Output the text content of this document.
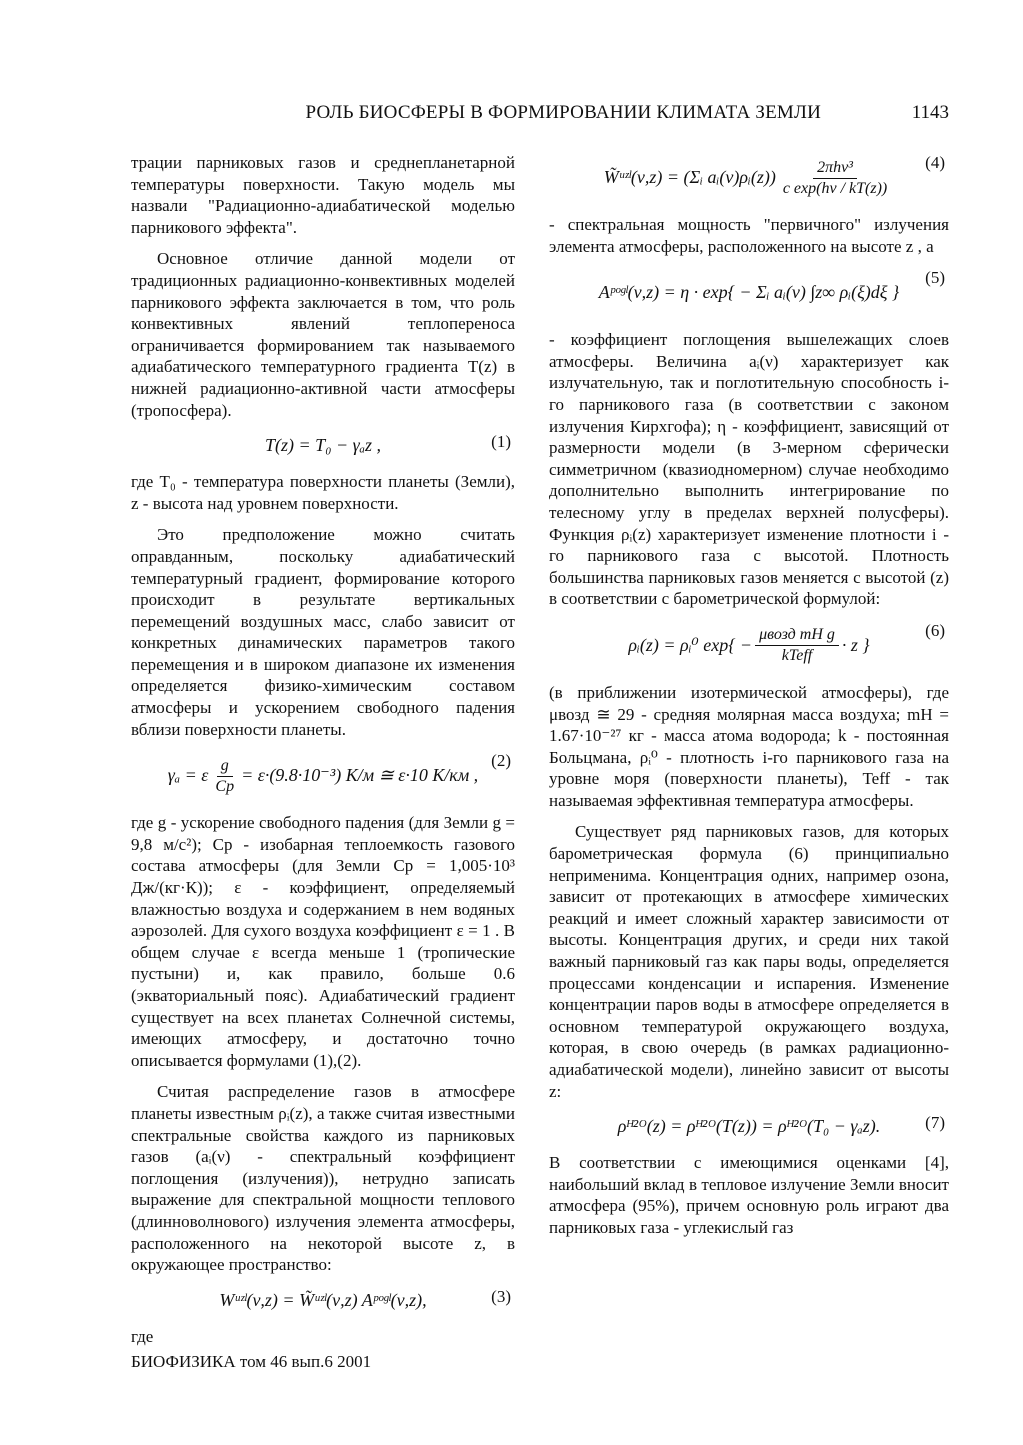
РОЛЬ БИОСФЕРЫ В ФОРМИРОВАНИИ КЛИМАТА ЗЕМЛИ	1143

трации парниковых газов и среднепланетарной температуры поверхности. Такую модель мы назвали "Радиационно-адиабатической моделью парникового эффекта".

Основное отличие данной модели от традиционных радиационно-конвективных моделей парникового эффекта заключается в том, что роль конвективных явлений теплопереноса ограничивается формированием так называемого адиабатического температурного градиента T(z) в нижней радиационно-активной части атмосферы (тропосфера).

T(z) = T₀ − γₐz ,	(1)

где T₀ - температура поверхности планеты (Земли), z - высота над уровнем поверхности.

Это предположение можно считать оправданным, поскольку адиабатический температурный градиент, формирование которого происходит в результате вертикальных перемещений воздушных масс, слабо зависит от конкретных динамических параметров такого перемещения и в широком диапазоне их изменения определяется физико-химическим составом атмосферы и ускорением свободного падения вблизи поверхности планеты.

γₐ = ε $\frac{g}{Cp} = \varepsilon\cdot(9.8\cdot 10^{-3})$ К/м ≅ ε·10 К/км ,
(2)

где g - ускорение свободного падения (для Земли g = 9,8 м/с²); Cp - изобарная теплоемкость газового состава атмосферы (для Земли Cp = 1,005·10³ Дж/(кг·К)); ε - коэффициент, определяемый влажностью воздуха и содержанием в нем водяных аэрозолей. Для сухого воздуха коэффициент ε = 1 . В общем случае ε всегда меньше 1 (тропические пустыни) и, как правило, больше 0.6 (экваториальный пояс). Адиабатический градиент существует на всех планетах Солнечной системы, имеющих атмосферу, и достаточно точно описывается формулами (1),(2).

Считая распределение газов в атмосфере планеты известным ρᵢ(z), а также считая известными спектральные свойства каждого из парниковых газов (aᵢ(ν) - спектральный коэффициент поглощения (излучения)), нетрудно записать выражение для спектральной мощности теплового (длинноволнового) излучения элемента атмосферы, расположенного на некоторой высоте z, в окружающее пространство:

Wᵘᶻˡ(ν,z) = W̃ᵘᶻˡ(ν,z) Aᵖᵒᵍˡ(ν,z),	(3)

где

W̃ᵘᶻˡ(ν,z) = (Σᵢ aᵢ(ν)ρᵢ(z)) $\frac{\text{2πhν³}}{\text{c exp(hν / kT(z))}} (4)$

- спектральная мощность "первичного" излучения элемента атмосферы, расположенного на высоте z , а

Aᵖᵒᵍˡ(ν,z) = η · exp{ − Σᵢ aᵢ(ν) ∫z∞ ρᵢ(ξ)dξ }
(5)

- коэффициент поглощения вышележащих слоев атмосферы. Величина aᵢ(ν) характеризует как излучательную, так и поглотительную способность i-го парникового газа (в соответствии с законом излучения Кирхгофа); η - коэффициент, зависящий от размерности модели (в 3-мерном сферически симметричном (квазиодномерном) случае необходимо дополнительно выполнить интегрирование по телесному углу в пределах верхней полусферы). Функция ρᵢ(z) характеризует изменение плотности i - го парникового газа с высотой. Плотность большинства парниковых газов меняется с высотой (z) в соответствии с барометрической формулой:

ρᵢ(z) = ρᵢ⁰ $\exp\{ - \frac{\text{μвозд mH g}}{\text{kTeff}} \cdot z$ }
(6)

(в приближении изотермической атмосферы), где μвозд ≅ 29 - средняя молярная масса воздуха; mH = 1.67·10⁻²⁷ кг - масса атома водорода; k - постоянная Больцмана, ρᵢ⁰ - плотность i-го парникового газа на уровне моря (поверхности планеты), Teff - так называемая эффективная температура атмосферы.

Существует ряд парниковых газов, для которых барометрическая формула (6) принципиально неприменима. Концентрация одних, например озона, зависит от протекающих в атмосфере химических реакций и имеет сложный характер зависимости от высоты. Концентрация других, и среди них такой важный парниковый газ как пары воды, определяется процессами конденсации и испарения. Изменение концентрации паров воды в атмосфере определяется в основном температурой окружающего воздуха, которая, в свою очередь (в рамках радиационно-адиабатической модели), линейно зависит от высоты z:

ρᴴ²ᴼ(z) = ρᴴ²ᴼ(T(z)) = ρᴴ²ᴼ(T₀ − γₐz).	(7)

В соответствии с имеющимися оценками [4], наибольший вклад в тепловое излучение Земли вносит атмосфера (95%), причем основную роль играют два парниковых газа - углекислый газ

БИОФИЗИКА том 46 вып.6 2001
